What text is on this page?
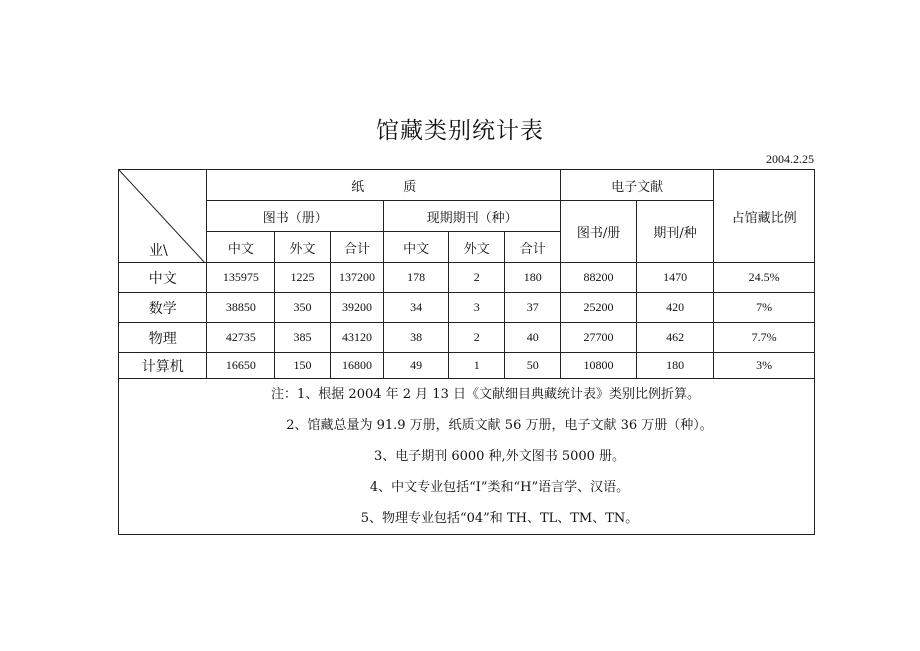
馆藏类别统计表
2004.2.25
业\	纸　　　质						电子文献		占馆藏比例
	图书（册）			现期期刊（种）			图书/册	期刊/种	
	中文	外文	合计	中文	外文	合计			
中文	135975	1225	137200	178	2	180	88200	1470	24.5%
数学	38850	350	39200	34	3	37	25200	420	7%
物理	42735	385	43120	38	2	40	27700	462	7.7%
计算机	16650	150	16800	49	1	50	10800	180	3%

注：1、根据 2004 年 2 月 13 日《文献细目典藏统计表》类别比例折算。
2、馆藏总量为 91.9 万册，纸质文献 56 万册，电子文献 36 万册（种）。
3、电子期刊 6000 种,外文图书 5000 册。
4、中文专业包括“I”类和“H”语言学、汉语。
5、物理专业包括“04”和 TH、TL、TM、TN。									
